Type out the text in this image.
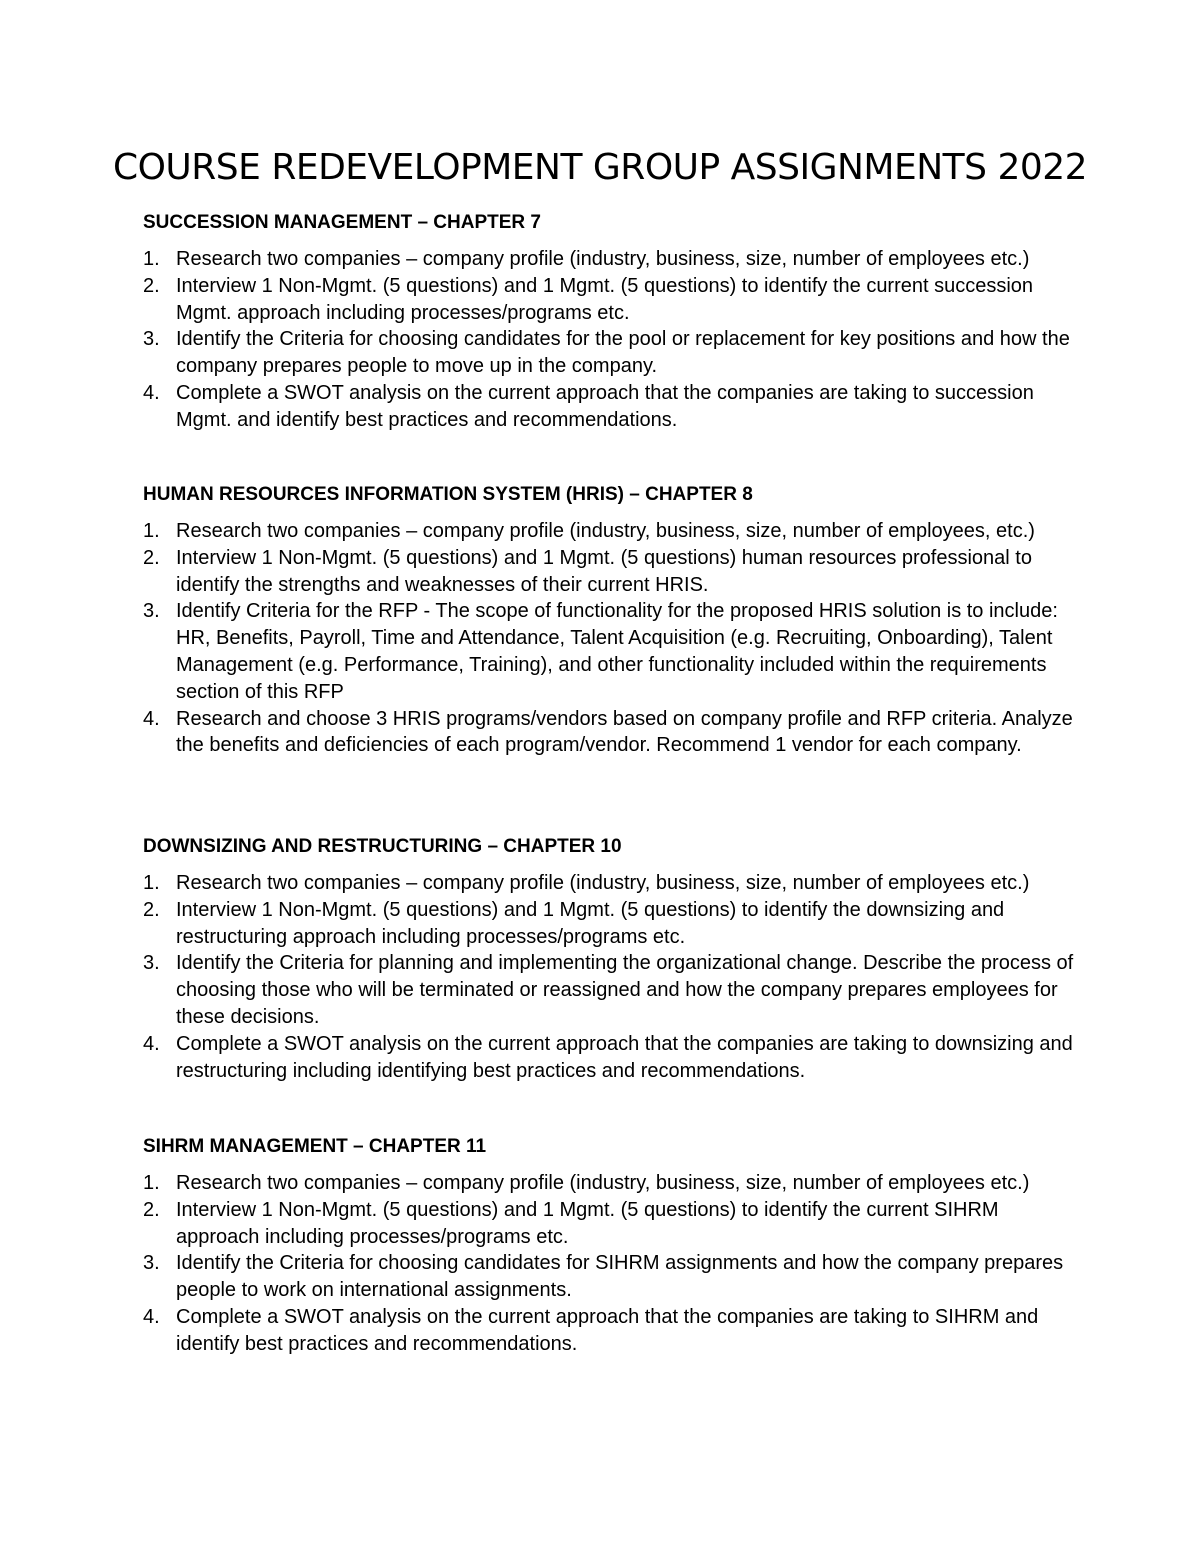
COURSE REDEVELOPMENT GROUP ASSIGNMENTS 2022
SUCCESSION MANAGEMENT – CHAPTER 7
1. Research two companies – company profile (industry, business, size, number of employees etc.)
2. Interview 1 Non-Mgmt. (5 questions) and 1 Mgmt. (5 questions) to identify the current succession Mgmt. approach including processes/programs etc.
3. Identify the Criteria for choosing candidates for the pool or replacement for key positions and how the company prepares people to move up in the company.
4. Complete a SWOT analysis on the current approach that the companies are taking to succession Mgmt. and identify best practices and recommendations.
HUMAN RESOURCES INFORMATION SYSTEM (HRIS) – CHAPTER 8
1. Research two companies – company profile (industry, business, size, number of employees, etc.)
2. Interview 1 Non-Mgmt. (5 questions) and 1 Mgmt. (5 questions) human resources professional to identify the strengths and weaknesses of their current HRIS.
3. Identify Criteria for the RFP - The scope of functionality for the proposed HRIS solution is to include: HR, Benefits, Payroll, Time and Attendance, Talent Acquisition (e.g. Recruiting, Onboarding), Talent Management (e.g. Performance, Training), and other functionality included within the requirements section of this RFP
4. Research and choose 3 HRIS programs/vendors based on company profile and RFP criteria. Analyze the benefits and deficiencies of each program/vendor. Recommend 1 vendor for each company.
DOWNSIZING AND RESTRUCTURING – CHAPTER 10
1. Research two companies – company profile (industry, business, size, number of employees etc.)
2. Interview 1 Non-Mgmt. (5 questions) and 1 Mgmt. (5 questions) to identify the downsizing and restructuring approach including processes/programs etc.
3. Identify the Criteria for planning and implementing the organizational change. Describe the process of choosing those who will be terminated or reassigned and how the company prepares employees for these decisions.
4. Complete a SWOT analysis on the current approach that the companies are taking to downsizing and restructuring including identifying best practices and recommendations.
SIHRM MANAGEMENT – CHAPTER 11
1. Research two companies – company profile (industry, business, size, number of employees etc.)
2. Interview 1 Non-Mgmt. (5 questions) and 1 Mgmt. (5 questions) to identify the current SIHRM approach including processes/programs etc.
3. Identify the Criteria for choosing candidates for SIHRM assignments and how the company prepares people to work on international assignments.
4. Complete a SWOT analysis on the current approach that the companies are taking to SIHRM and identify best practices and recommendations.
